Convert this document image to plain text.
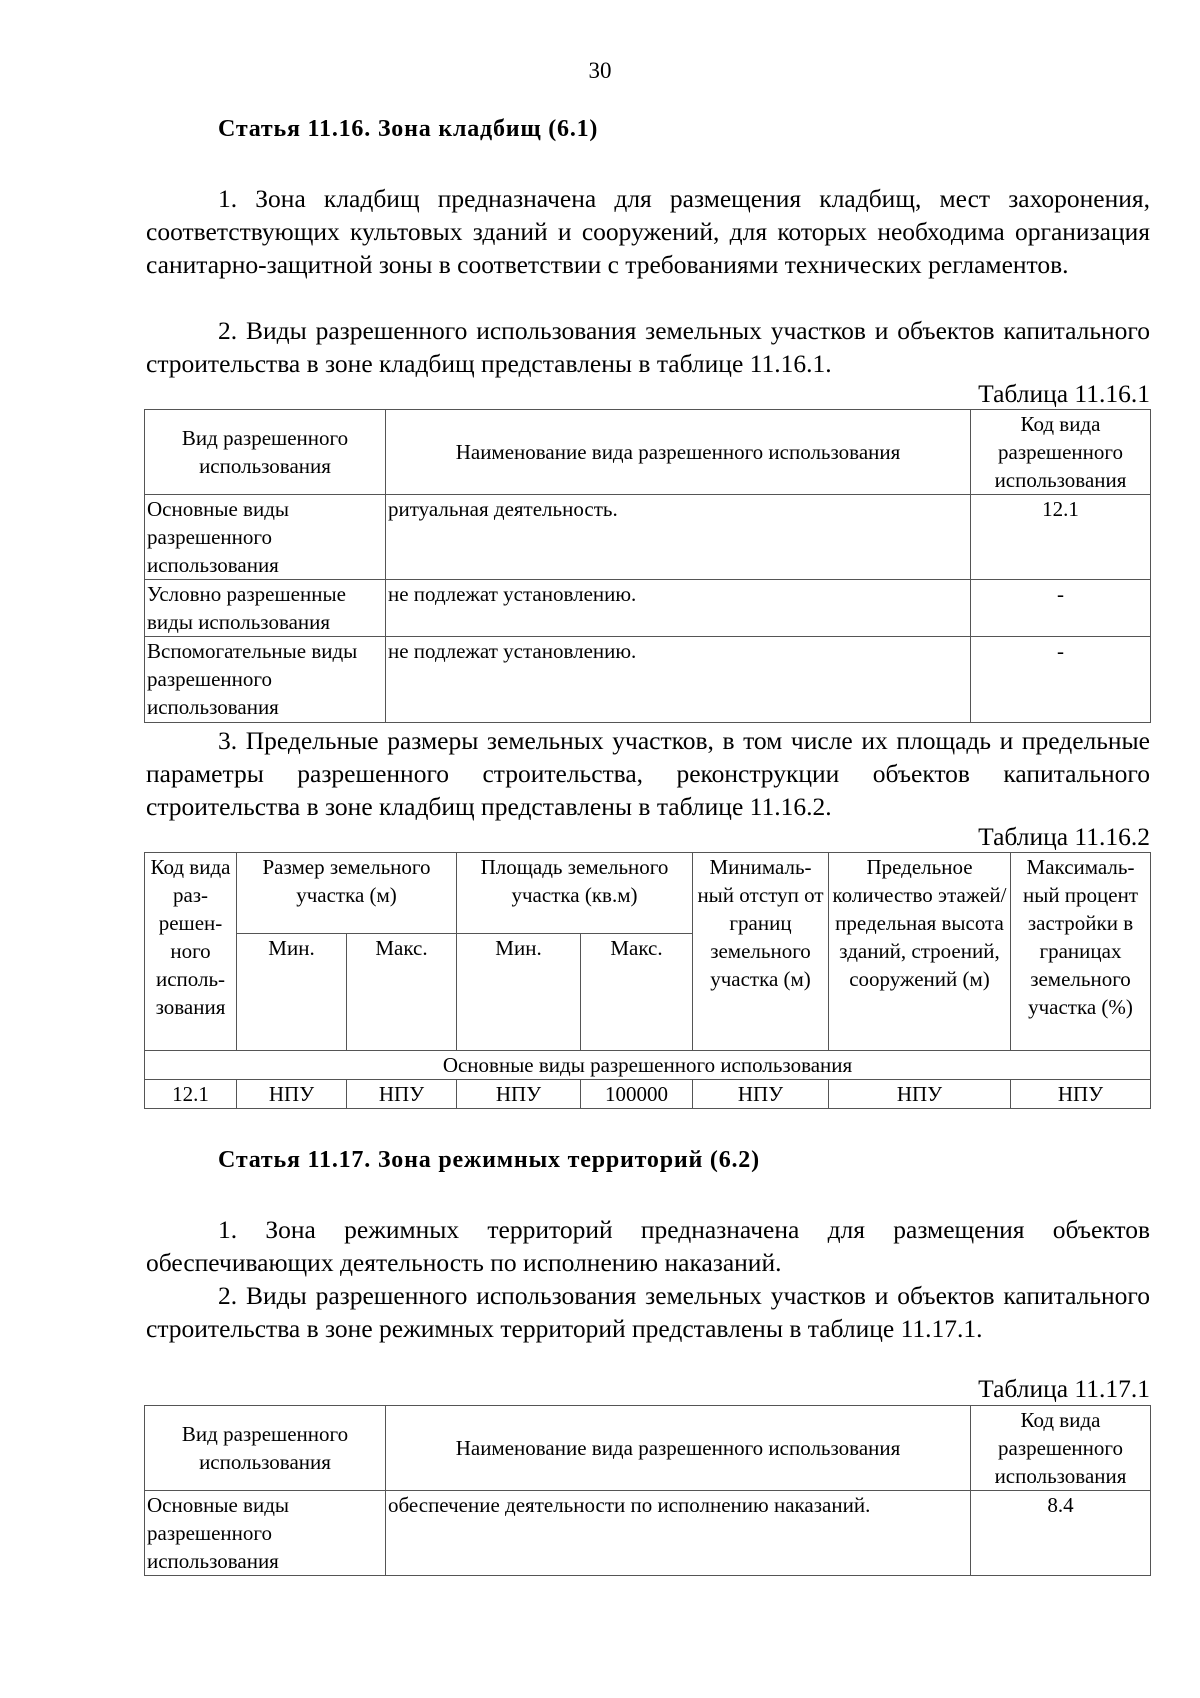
30
Статья 11.16. Зона кладбищ (6.1)

1. Зона кладбищ предназначена для размещения кладбищ, мест захоронения, соответствующих культовых зданий и сооружений, для которых необходима организация санитарно-защитной зоны в соответствии с требованиями технических регламентов.

2. Виды разрешенного использования земельных участков и объектов капитального строительства в зоне кладбищ представлены в таблице 11.16.1.

Таблица 11.16.1

Вид разрешенного использования	Наименование вида разрешенного использования	Код вида разрешенного использования
Основные виды разрешенного использования	ритуальная деятельность.	12.1
Условно разрешенные виды использования	не подлежат установлению.	-
Вспомогательные виды разрешенного использования	не подлежат установлению.	-

3. Предельные размеры земельных участков, в том числе их площадь и предельные параметры разрешенного строительства, реконструкции объектов капитального строительства в зоне кладбищ представлены в таблице 11.16.2.

Таблица 11.16.2

Код вида раз-решен-ного исполь-зования	Размер земельного участка (м)		Площадь земельного участка (кв.м)		Минималь-ный отступ от границ земельного участка (м)	Предельное количество этажей/ предельная высота зданий, строений, сооружений (м)	Максималь-ный процент застройки в границах земельного участка (%)
	Мин.	Макс.	Мин.	Макс.			
Основные виды разрешенного использования							
12.1	НПУ	НПУ	НПУ	100000	НПУ	НПУ	НПУ
Статья 11.17. Зона режимных территорий (6.2)

1. Зона режимных территорий предназначена для размещения объектов обеспечивающих деятельность по исполнению наказаний.

2. Виды разрешенного использования земельных участков и объектов капитального строительства в зоне режимных территорий представлены в таблице 11.17.1.

Таблица 11.17.1

Вид разрешенного использования	Наименование вида разрешенного использования	Код вида разрешенного использования
Основные виды разрешенного использования	обеспечение деятельности по исполнению наказаний.	8.4
